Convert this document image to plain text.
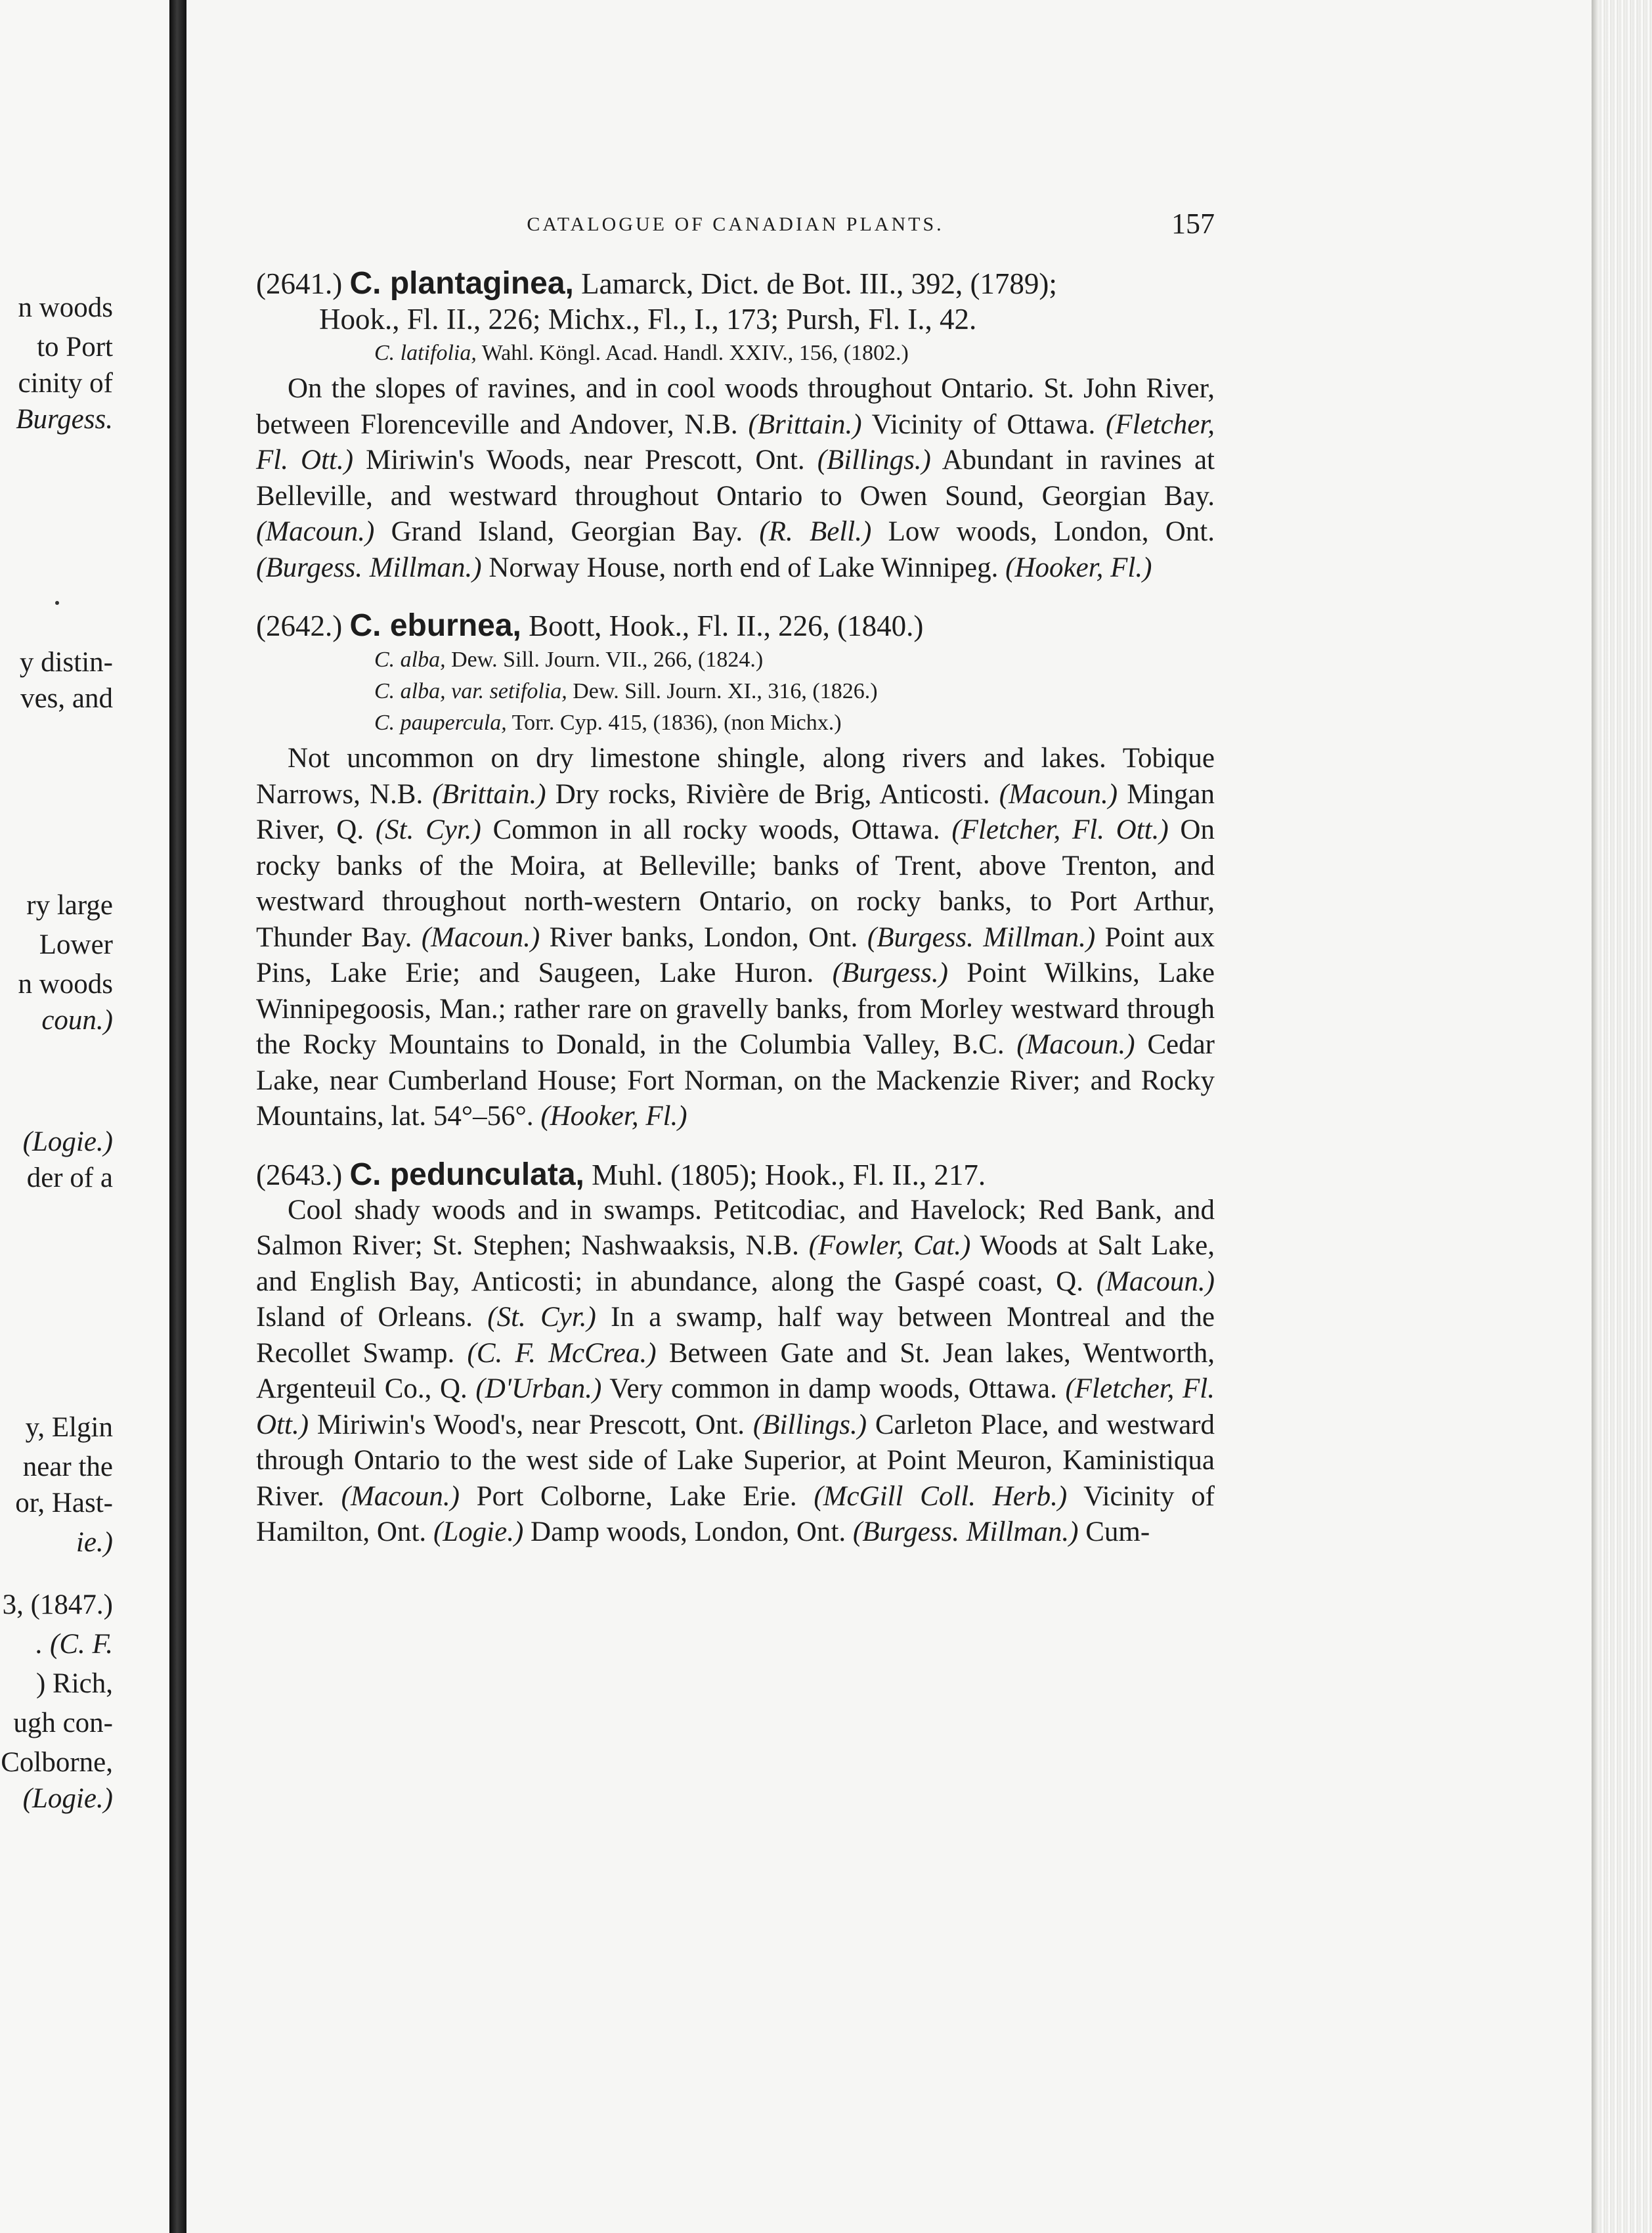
n woods
to Port
cinity of
Burgess.
y distin-
ves, and
ry large
Lower
n woods
coun.)
(Logie.)
der of a
y, Elgin
near the
or, Hast-
ie.)
3, (1847.)
. (C. F.
) Rich,
ugh con-
Colborne,
(Logie.)
CATALOGUE OF CANADIAN PLANTS.	157

(2641.) C. plantaginea, Lamarck, Dict. de Bot. III., 392, (1789);
Hook., Fl. II., 226; Michx., Fl., I., 173; Pursh, Fl. I., 42.

C. latifolia, Wahl. Köngl. Acad. Handl. XXIV., 156, (1802.)

On the slopes of ravines, and in cool woods throughout Ontario. St. John River, between Florenceville and Andover, N.B. (Brittain.) Vicinity of Ottawa. (Fletcher, Fl. Ott.) Miriwin's Woods, near Prescott, Ont. (Billings.) Abundant in ravines at Belleville, and westward throughout Ontario to Owen Sound, Georgian Bay. (Macoun.) Grand Island, Georgian Bay. (R. Bell.) Low woods, London, Ont. (Burgess. Millman.) Norway House, north end of Lake Winnipeg. (Hooker, Fl.)

(2642.) C. eburnea, Boott, Hook., Fl. II., 226, (1840.)

C. alba, Dew. Sill. Journ. VII., 266, (1824.)
C. alba, var. setifolia, Dew. Sill. Journ. XI., 316, (1826.)
C. paupercula, Torr. Cyp. 415, (1836), (non Michx.)

Not uncommon on dry limestone shingle, along rivers and lakes. Tobique Narrows, N.B. (Brittain.) Dry rocks, Rivière de Brig, Anticosti. (Macoun.) Mingan River, Q. (St. Cyr.) Common in all rocky woods, Ottawa. (Fletcher, Fl. Ott.) On rocky banks of the Moira, at Belleville; banks of Trent, above Trenton, and westward throughout north-western Ontario, on rocky banks, to Port Arthur, Thunder Bay. (Macoun.) River banks, London, Ont. (Burgess. Millman.) Point aux Pins, Lake Erie; and Saugeen, Lake Huron. (Burgess.) Point Wilkins, Lake Winnipegoosis, Man.; rather rare on gravelly banks, from Morley westward through the Rocky Mountains to Donald, in the Columbia Valley, B.C. (Macoun.) Cedar Lake, near Cumberland House; Fort Norman, on the Mackenzie River; and Rocky Mountains, lat. 54°–56°. (Hooker, Fl.)

(2643.) C. pedunculata, Muhl. (1805); Hook., Fl. II., 217.

Cool shady woods and in swamps. Petitcodiac, and Havelock; Red Bank, and Salmon River; St. Stephen; Nashwaaksis, N.B. (Fowler, Cat.) Woods at Salt Lake, and English Bay, Anticosti; in abundance, along the Gaspé coast, Q. (Macoun.) Island of Orleans. (St. Cyr.) In a swamp, half way between Montreal and the Recollet Swamp. (C. F. McCrea.) Between Gate and St. Jean lakes, Wentworth, Argenteuil Co., Q. (D'Urban.) Very common in damp woods, Ottawa. (Fletcher, Fl. Ott.) Miriwin's Wood's, near Prescott, Ont. (Billings.) Carleton Place, and westward through Ontario to the west side of Lake Superior, at Point Meuron, Kaministiqua River. (Macoun.) Port Colborne, Lake Erie. (McGill Coll. Herb.) Vicinity of Hamilton, Ont. (Logie.) Damp woods, London, Ont. (Burgess. Millman.) Cum-
